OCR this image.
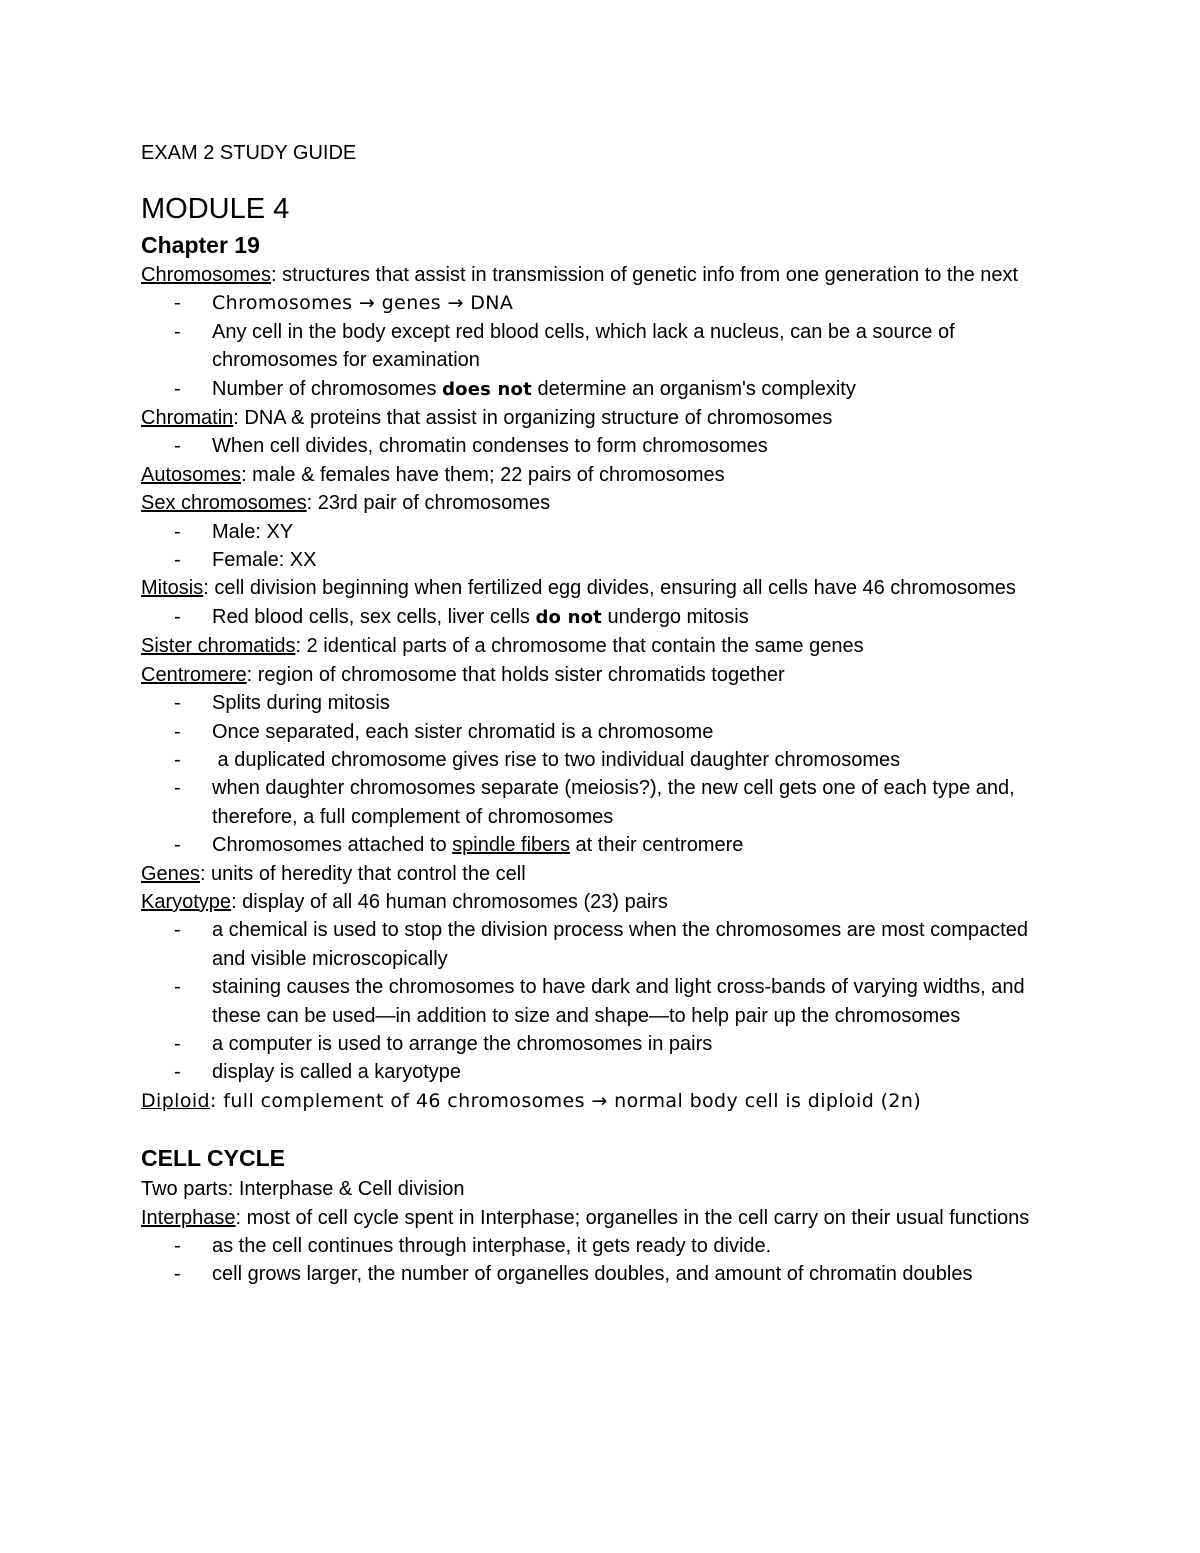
EXAM 2 STUDY GUIDE

MODULE 4
Chapter 19

Chromosomes: structures that assist in transmission of genetic info from one generation to the next

- Chromosomes → genes → DNA
- Any cell in the body except red blood cells, which lack a nucleus, can be a source of chromosomes for examination
- Number of chromosomes does not determine an organism's complexity

Chromatin: DNA & proteins that assist in organizing structure of chromosomes

- When cell divides, chromatin condenses to form chromosomes

Autosomes: male & females have them; 22 pairs of chromosomes

Sex chromosomes: 23rd pair of chromosomes

- Male: XY
- Female: XX

Mitosis: cell division beginning when fertilized egg divides, ensuring all cells have 46 chromosomes

- Red blood cells, sex cells, liver cells do not undergo mitosis

Sister chromatids: 2 identical parts of a chromosome that contain the same genes

Centromere: region of chromosome that holds sister chromatids together

- Splits during mitosis
- Once separated, each sister chromatid is a chromosome
- a duplicated chromosome gives rise to two individual daughter chromosomes
- when daughter chromosomes separate (meiosis?), the new cell gets one of each type and, therefore, a full complement of chromosomes
- Chromosomes attached to spindle fibers at their centromere

Genes: units of heredity that control the cell

Karyotype: display of all 46 human chromosomes (23) pairs

- a chemical is used to stop the division process when the chromosomes are most compacted and visible microscopically
- staining causes the chromosomes to have dark and light cross-bands of varying widths, and these can be used—in addition to size and shape—to help pair up the chromosomes
- a computer is used to arrange the chromosomes in pairs
- display is called a karyotype

Diploid: full complement of 46 chromosomes → normal body cell is diploid (2n)

CELL CYCLE

Two parts: Interphase & Cell division

Interphase: most of cell cycle spent in Interphase; organelles in the cell carry on their usual functions

- as the cell continues through interphase, it gets ready to divide.
- cell grows larger, the number of organelles doubles, and amount of chromatin doubles
